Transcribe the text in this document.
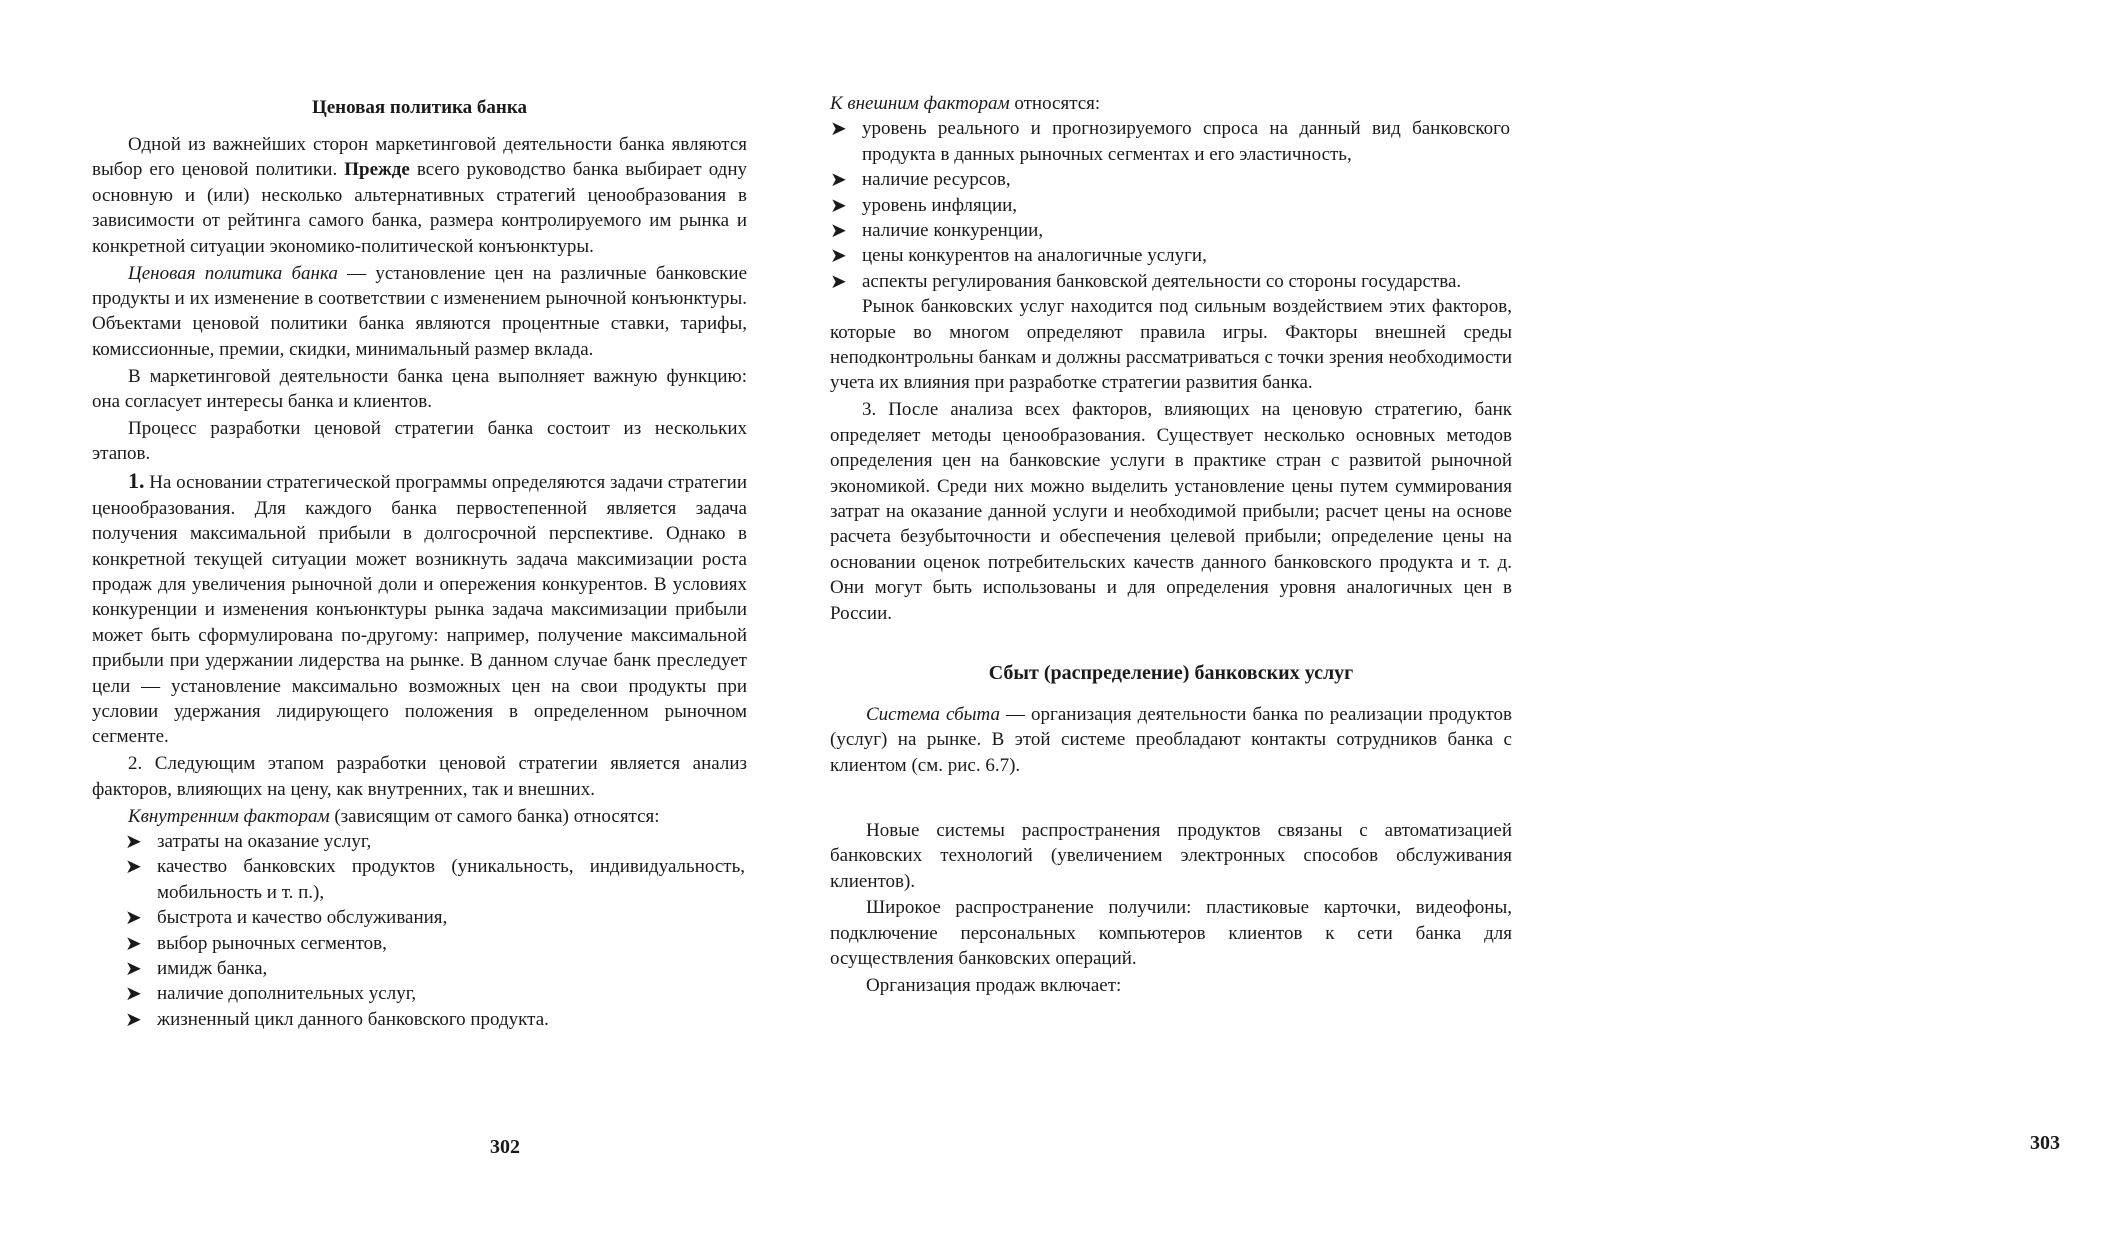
Ценовая политика банка

Одной из важнейших сторон маркетинговой деятельности банка являются выбор его ценовой политики. Прежде всего руководство банка выбирает одну основную и (или) несколько альтернативных стратегий ценообразования в зависимости от рейтинга самого банка, размера контролируемого им рынка и конкретной ситуации экономико-политической конъюнктуры.

Ценовая политика банка — установление цен на различные банковские продукты и их изменение в соответствии с изменением рыночной конъюнктуры. Объектами ценовой политики банка являются процентные ставки, тарифы, комиссионные, премии, скидки, минимальный размер вклада.

В маркетинговой деятельности банка цена выполняет важную функцию: она согласует интересы банка и клиентов.

Процесс разработки ценовой стратегии банка состоит из нескольких этапов.

1. На основании стратегической программы определяются задачи стратегии ценообразования. Для каждого банка первостепенной является задача получения максимальной прибыли в долгосрочной перспективе. Однако в конкретной текущей ситуации может возникнуть задача максимизации роста продаж для увеличения рыночной доли и опережения конкурентов. В условиях конкуренции и изменения конъюнктуры рынка задача максимизации прибыли может быть сформулирована по-другому: например, получение максимальной прибыли при удержании лидерства на рынке. В данном случае банк преследует цели — установление максимально возможных цен на свои продукты при условии удержания лидирующего положения в определенном рыночном сегменте.

2. Следующим этапом разработки ценовой стратегии является анализ факторов, влияющих на цену, как внутренних, так и внешних.

Квнутренним факторам (зависящим от самого банка) относятся:

➤ затраты на оказание услуг,
➤ качество банковских продуктов (уникальность, индивидуальность, мобильность и т. п.),
➤ быстрота и качество обслуживания,
➤ выбор рыночных сегментов,
➤ имидж банка,
➤ наличие дополнительных услуг,
➤ жизненный цикл данного банковского продукта.
302

К внешним факторам относятся:

➤ уровень реального и прогнозируемого спроса на данный вид банковского продукта в данных рыночных сегментах и его эластичность,
➤ наличие ресурсов,
➤ уровень инфляции,
➤ наличие конкуренции,
➤ цены конкурентов на аналогичные услуги,
➤ аспекты регулирования банковской деятельности со стороны государства.

Рынок банковских услуг находится под сильным воздействием этих факторов, которые во многом определяют правила игры. Факторы внешней среды неподконтрольны банкам и должны рассматриваться с точки зрения необходимости учета их влияния при разработке стратегии развития банка.

3. После анализа всех факторов, влияющих на ценовую стратегию, банк определяет методы ценообразования. Существует несколько основных методов определения цен на банковские услуги в практике стран с развитой рыночной экономикой. Среди них можно выделить установление цены путем суммирования затрат на оказание данной услуги и необходимой прибыли; расчет цены на основе расчета безубыточности и обеспечения целевой прибыли; определение цены на основании оценок потребительских качеств данного банковского продукта и т. д. Они могут быть использованы и для определения уровня аналогичных цен в России.

Сбыт (распределение) банковских услуг

Система сбыта — организация деятельности банка по реализации продуктов (услуг) на рынке. В этой системе преобладают контакты сотрудников банка с клиентом (см. рис. 6.7).

Новые системы распространения продуктов связаны с автоматизацией банковских технологий (увеличением электронных способов обслуживания клиентов).

Широкое распространение получили: пластиковые карточки, видеофоны, подключение персональных компьютеров клиентов к сети банка для осуществления банковских операций.

Организация продаж включает:

303
